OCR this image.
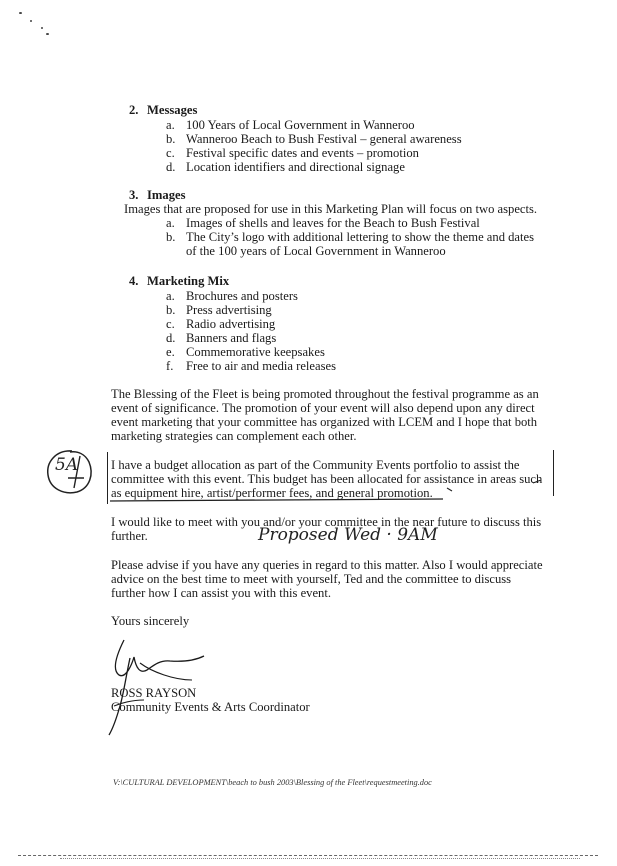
2. Messages
a. 100 Years of Local Government in Wanneroo
b. Wanneroo Beach to Bush Festival – general awareness
c. Festival specific dates and events – promotion
d. Location identifiers and directional signage
3. Images
Images that are proposed for use in this Marketing Plan will focus on two aspects.
a. Images of shells and leaves for the Beach to Bush Festival
b. The City’s logo with additional lettering to show the theme and dates
of the 100 years of Local Government in Wanneroo
4. Marketing Mix
a. Brochures and posters
b. Press advertising
c. Radio advertising
d. Banners and flags
e. Commemorative keepsakes
f. Free to air and media releases
The Blessing of the Fleet is being promoted throughout the festival programme as an
event of significance. The promotion of your event will also depend upon any direct
event marketing that your committee has organized with LCEM and I hope that both
marketing strategies can complement each other.
5A	I have a budget allocation as part of the Community Events portfolio to assist the
committee with this event. This budget has been allocated for assistance in areas such
as equipment hire, artist/performer fees, and general promotion.
I would like to meet with you and/or your committee in the near future to discuss this
further.	Proposed Wed · 9AM
Please advise if you have any queries in regard to this matter. Also I would appreciate
advice on the best time to meet with yourself, Ted and the committee to discuss
further how I can assist you with this event.
Yours sincerely
ROSS RAYSON
Community Events & Arts Coordinator
V:\CULTURAL DEVELOPMENT\beach to bush 2003\Blessing of the Fleet\requestmeeting.doc
